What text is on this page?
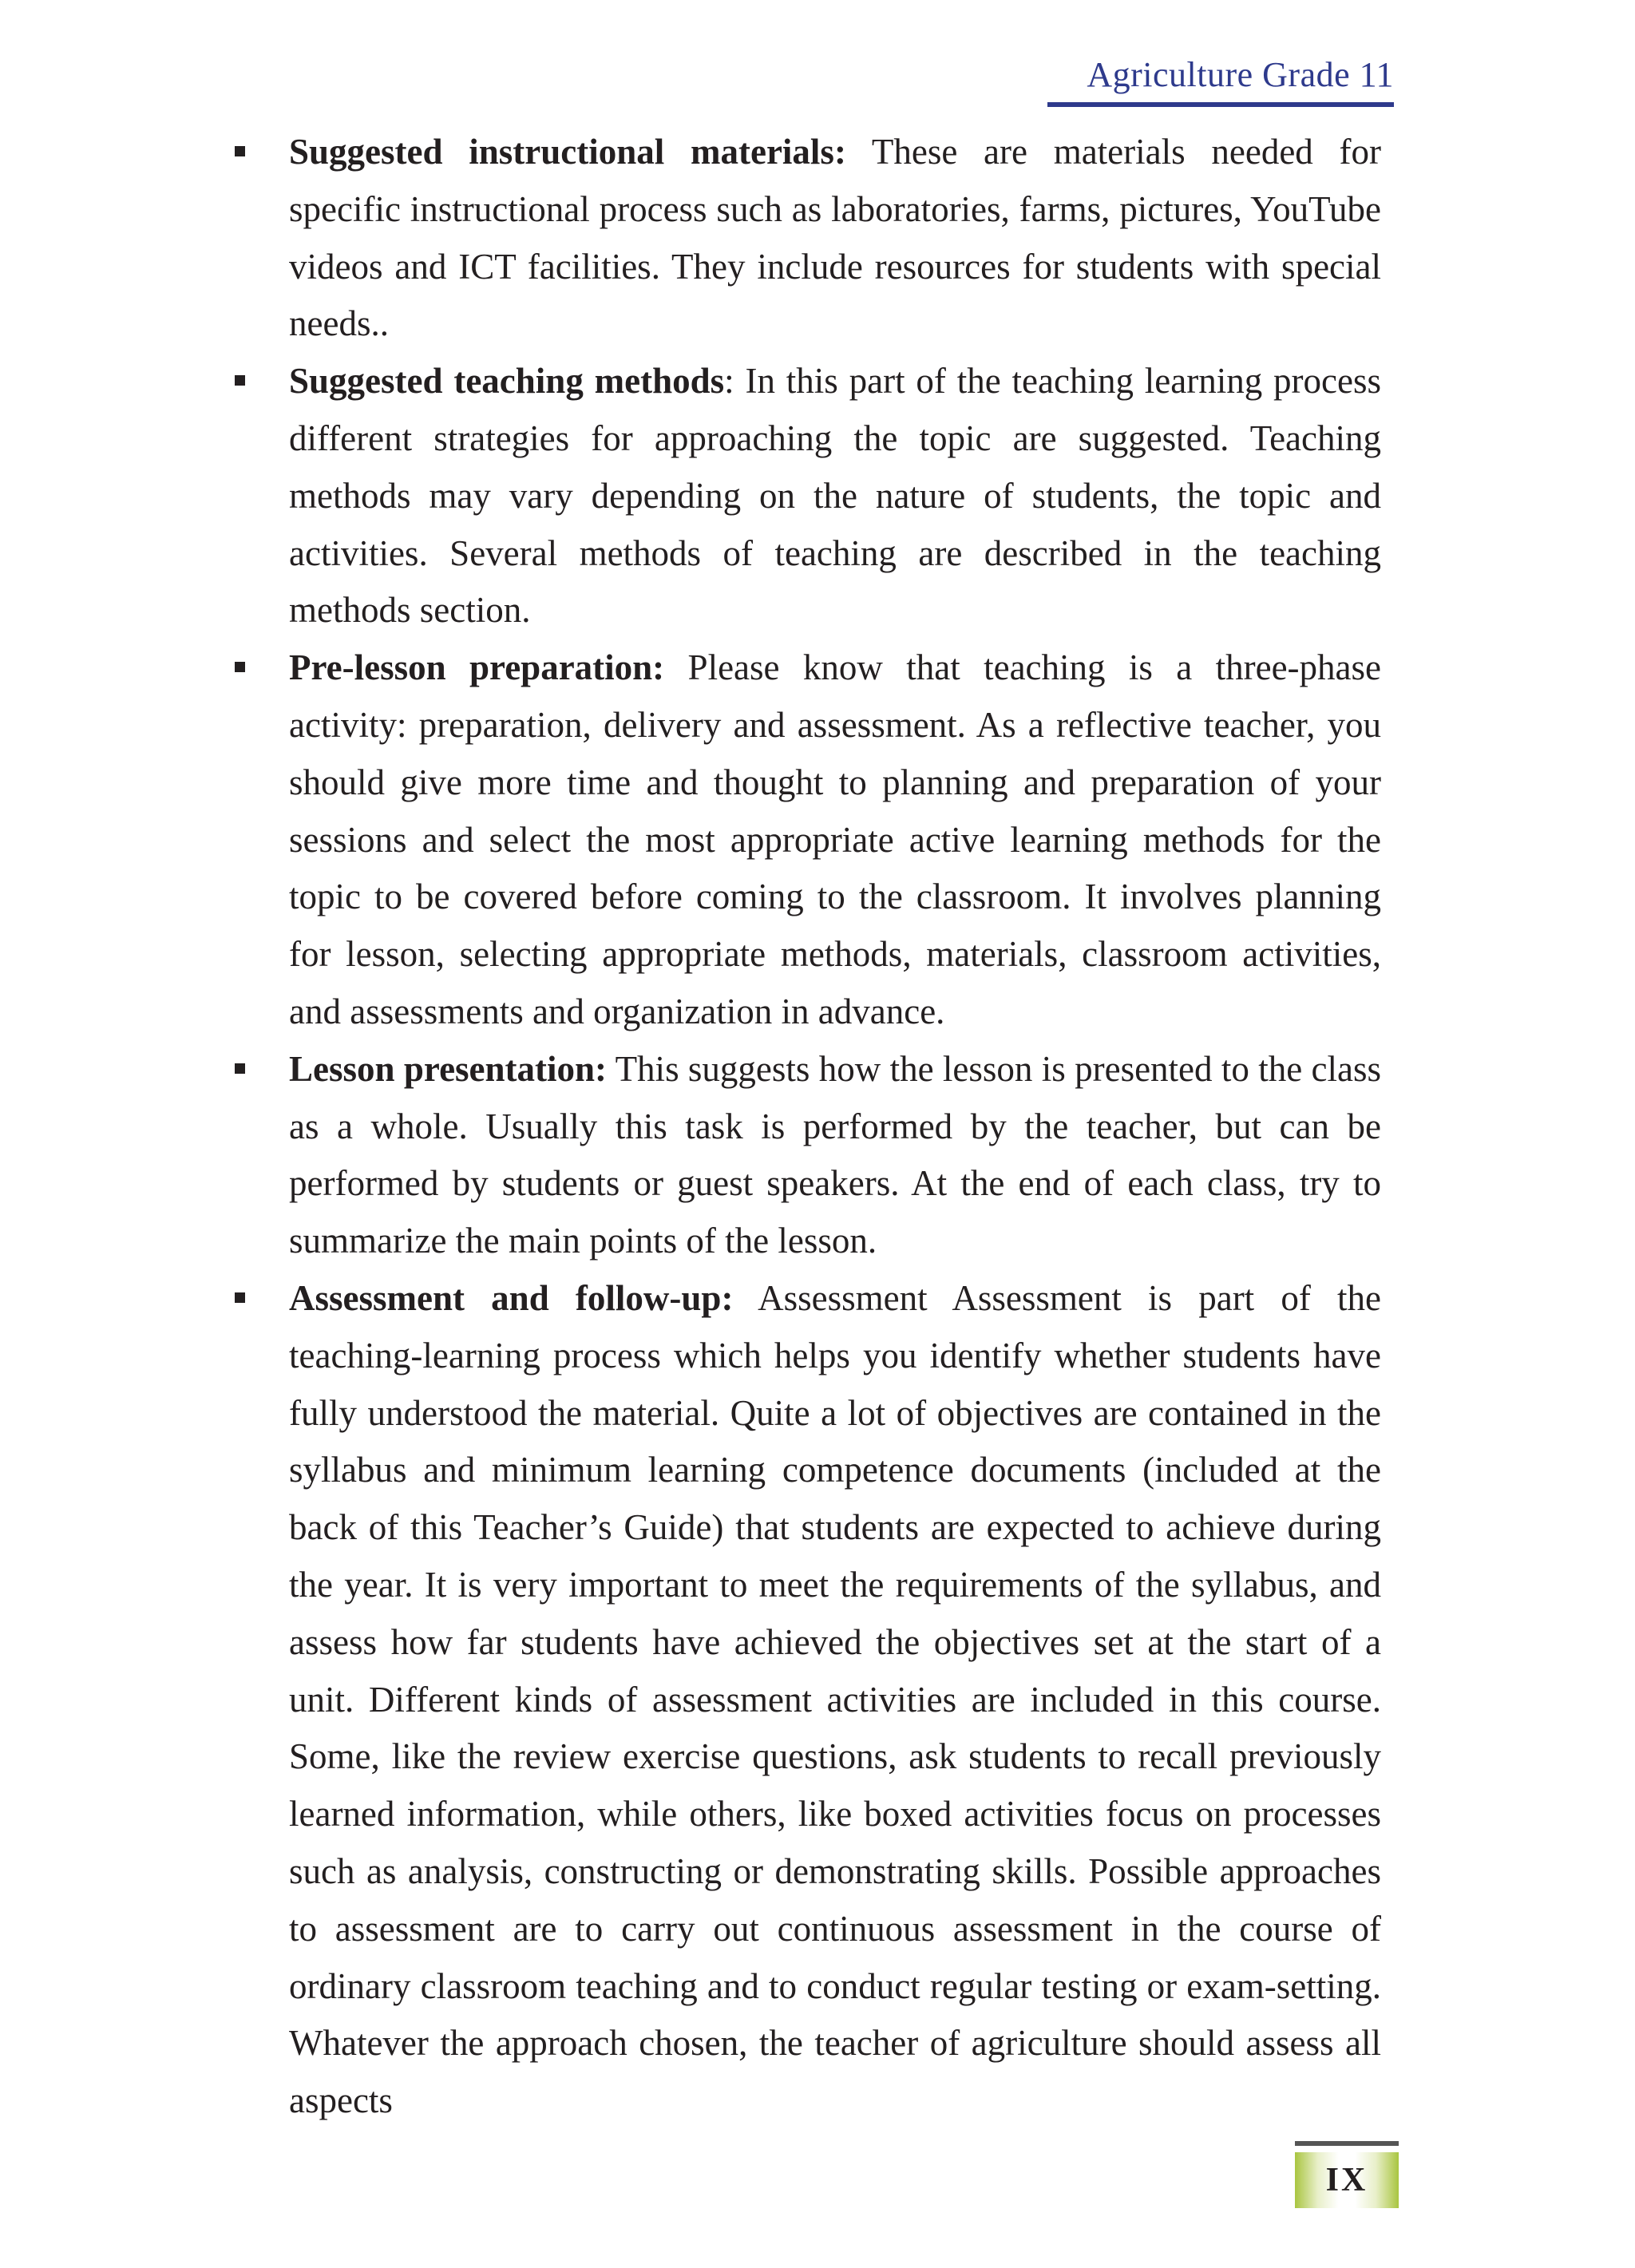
Agriculture Grade 11
Suggested instructional materials: These are materials needed for specific instructional process such as laboratories, farms, pictures, YouTube videos and ICT facilities. They include resources for students with special needs..
Suggested teaching methods: In this part of the teaching learning process different strategies for approaching the topic are suggested. Teaching methods may vary depending on the nature of students, the topic and activities. Several methods of teaching are described in the teaching methods section.
Pre-lesson preparation: Please know that teaching is a three-phase activity: preparation, delivery and assessment. As a reflective teacher, you should give more time and thought to planning and preparation of your sessions and select the most appropriate active learning methods for the topic to be covered before coming to the classroom. It involves planning for lesson, selecting appropriate methods, materials, classroom activities, and assessments and organization in advance.
Lesson presentation: This suggests how the lesson is presented to the class as a whole. Usually this task is performed by the teacher, but can be performed by students or guest speakers. At the end of each class, try to summarize the main points of the lesson.
Assessment and follow-up: Assessment Assessment is part of the teaching-learning process which helps you identify whether students have fully understood the material. Quite a lot of objectives are contained in the syllabus and minimum learning competence documents (included at the back of this Teacher’s Guide) that students are expected to achieve during the year. It is very important to meet the requirements of the syllabus, and assess how far students have achieved the objectives set at the start of a unit. Different kinds of assessment activities are included in this course. Some, like the review exercise questions, ask students to recall previously learned information, while others, like boxed activities focus on processes such as analysis, constructing or demonstrating skills. Possible approaches to assessment are to carry out continuous assessment in the course of ordinary classroom teaching and to conduct regular testing or exam-setting. Whatever the approach chosen, the teacher of agriculture should assess all aspects
IX
